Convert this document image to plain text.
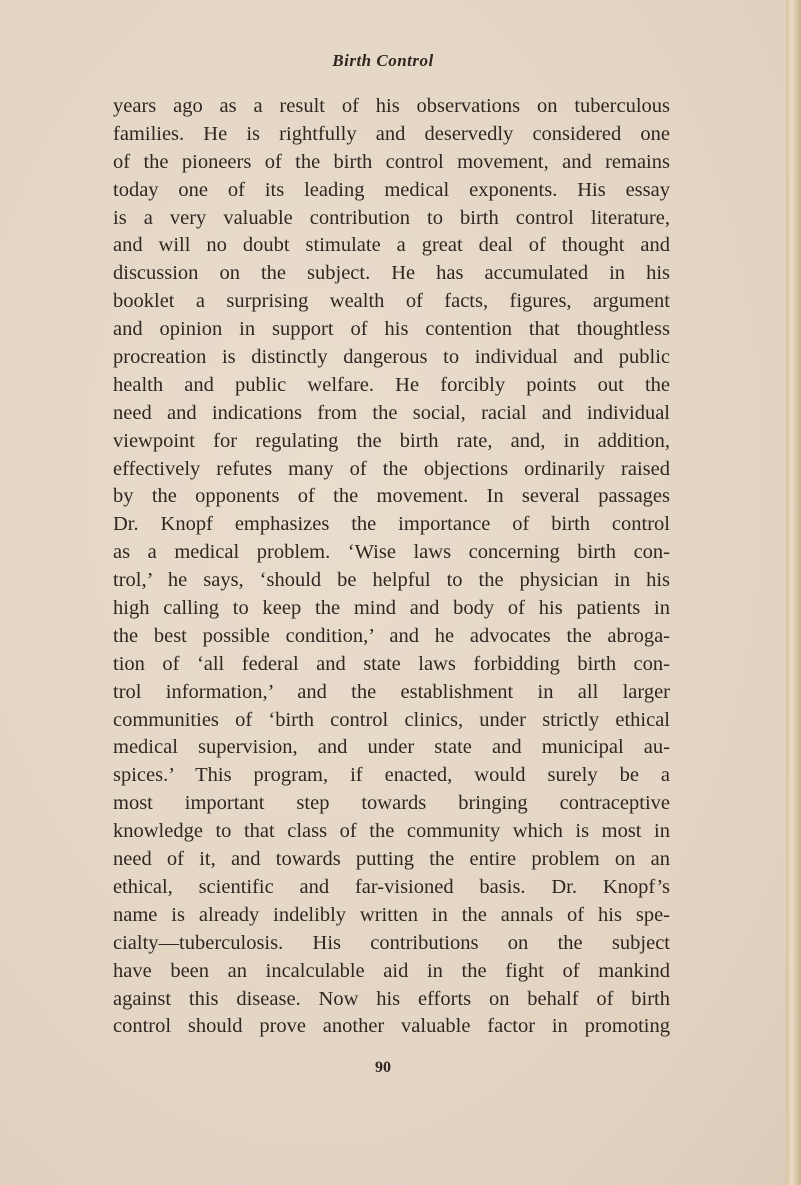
Birth Control
years ago as a result of his observations on tuberculous
families. He is rightfully and deservedly considered one
of the pioneers of the birth control movement, and remains
today one of its leading medical exponents. His essay
is a very valuable contribution to birth control literature,
and will no doubt stimulate a great deal of thought and
discussion on the subject. He has accumulated in his
booklet a surprising wealth of facts, figures, argument
and opinion in support of his contention that thoughtless
procreation is distinctly dangerous to individual and public
health and public welfare. He forcibly points out the
need and indications from the social, racial and individual
viewpoint for regulating the birth rate, and, in addition,
effectively refutes many of the objections ordinarily raised
by the opponents of the movement. In several passages
Dr. Knopf emphasizes the importance of birth control
as a medical problem. ‘Wise laws concerning birth con-
trol,’ he says, ‘should be helpful to the physician in his
high calling to keep the mind and body of his patients in
the best possible condition,’ and he advocates the abroga-
tion of ‘all federal and state laws forbidding birth con-
trol information,’ and the establishment in all larger
communities of ‘birth control clinics, under strictly ethical
medical supervision, and under state and municipal au-
spices.’ This program, if enacted, would surely be a
most important step towards bringing contraceptive
knowledge to that class of the community which is most in
need of it, and towards putting the entire problem on an
ethical, scientific and far-visioned basis. Dr. Knopf’s
name is already indelibly written in the annals of his spe-
cialty—tuberculosis. His contributions on the subject
have been an incalculable aid in the fight of mankind
against this disease. Now his efforts on behalf of birth
control should prove another valuable factor in promoting
90
